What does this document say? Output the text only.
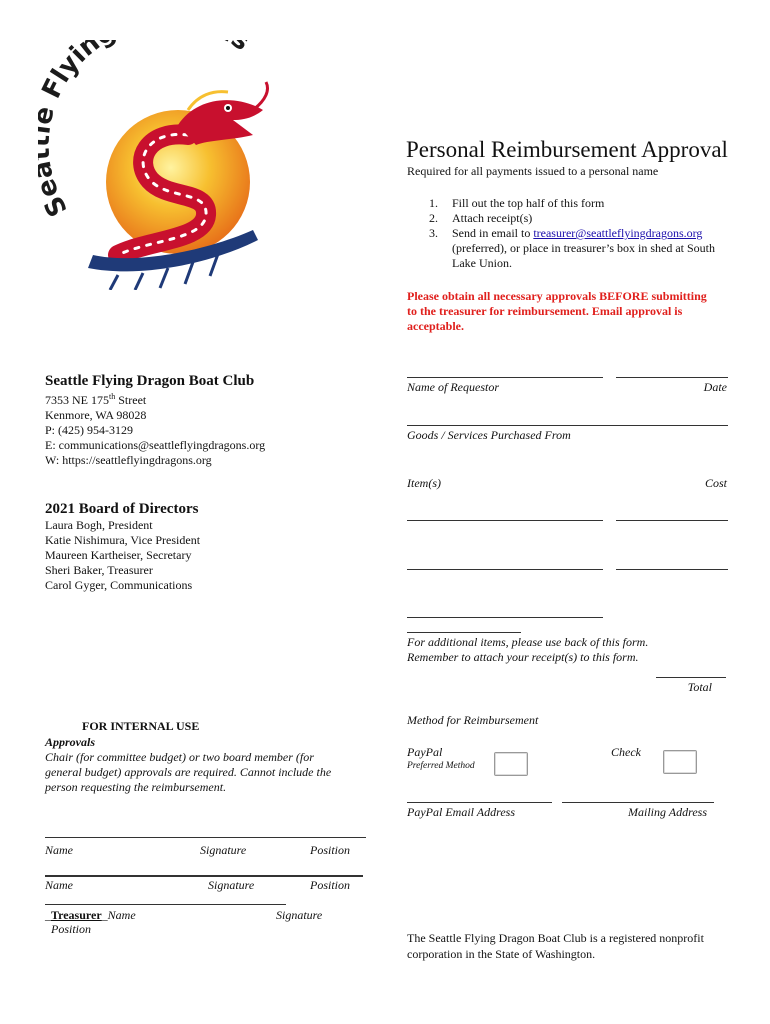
S Flyin s
Personal Reimbursement Approval
Required for all payments issued to a personal name
1. Fill out the top half of this form
2. Attach receipt(s)
3. Send in email to treasurer@seattleflyingdragons.org
(preferred), or place in treasurer’s box in shed at South
Lake Union.
Please obtain all necessary approvals BEFORE submitting
to the treasurer for reimbursement. Email approval is
acceptable.
Seattle Flying Dragon Boat Club
7353 NE 175th Street
Kenmore, WA 98028
P: (425) 954-3129
E: communications@seattleflyingdragons.org
W: https://seattleflyingdragons.org
2021 Board of Directors
Laura Bogh, President
Katie Nishimura, Vice President
Maureen Kartheiser, Secretary
Sheri Baker, Treasurer
Carol Gyger, Communications
Name of Requestor	Date
Goods / Services Purchased From
Item(s)	Cost
For additional items, please use back of this form.
Remember to attach your receipt(s) to this form.
Total
Method for Reimbursement
PayPal
Preferred Method
Check
PayPal Email Address	Mailing Address
FOR INTERNAL USE
Approvals
Chair (for committee budget) or two board member (for
general budget) approvals are required. Cannot include the
person requesting the reimbursement.
Name	Signature	Position
Name	Signature	Position
_Treasurer_Name	Signature
Position
The Seattle Flying Dragon Boat Club is a registered nonprofit
corporation in the State of Washington.
